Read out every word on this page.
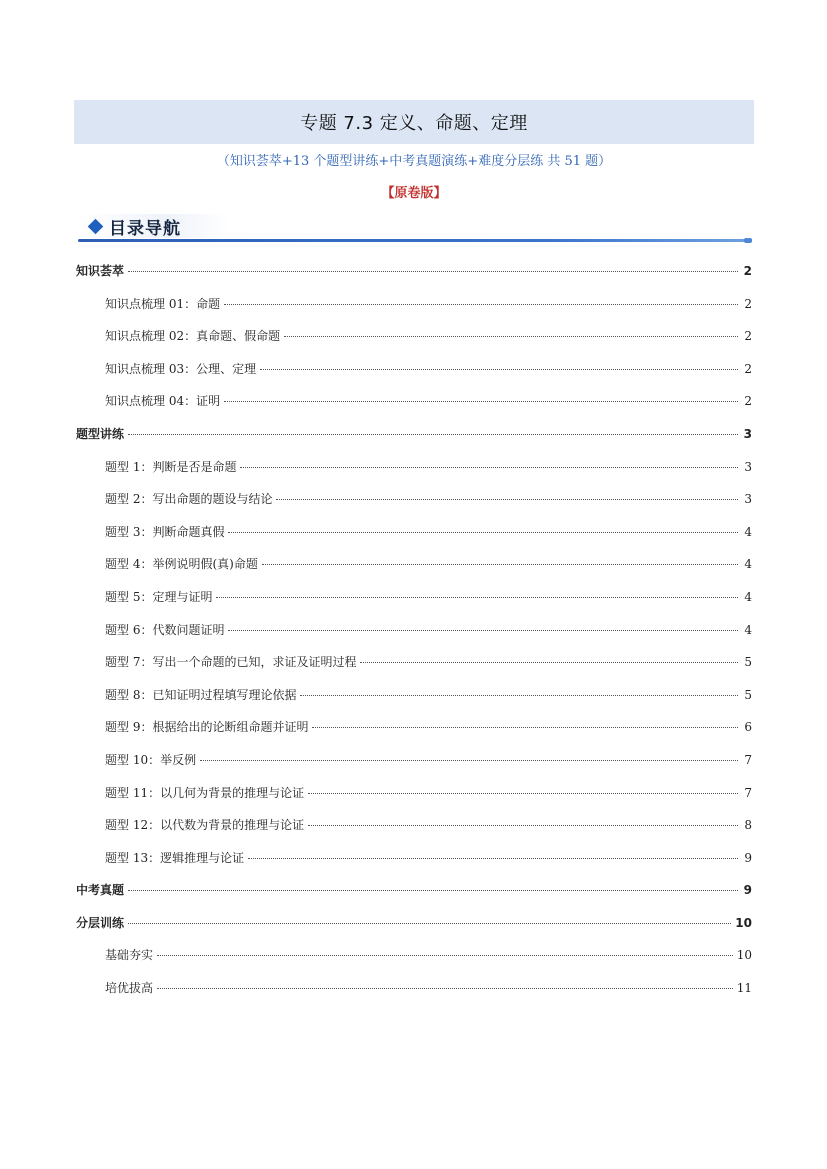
专题 7.3 定义、命题、定理
（知识荟萃+13 个题型讲练+中考真题演练+难度分层练 共 51 题）
【原卷版】
目录导航
知识荟萃	2
知识点梳理 01：命题	2
知识点梳理 02：真命题、假命题	2
知识点梳理 03：公理、定理	2
知识点梳理 04：证明	2
题型讲练	3
题型 1：判断是否是命题	3
题型 2：写出命题的题设与结论	3
题型 3：判断命题真假	4
题型 4：举例说明假(真)命题	4
题型 5：定理与证明	4
题型 6：代数问题证明	4
题型 7：写出一个命题的已知，求证及证明过程	5
题型 8：已知证明过程填写理论依据	5
题型 9：根据给出的论断组命题并证明	6
题型 10：举反例	7
题型 11：以几何为背景的推理与论证	7
题型 12：以代数为背景的推理与论证	8
题型 13：逻辑推理与论证	9
中考真题	9
分层训练	10
基础夯实	10
培优拔高	11
